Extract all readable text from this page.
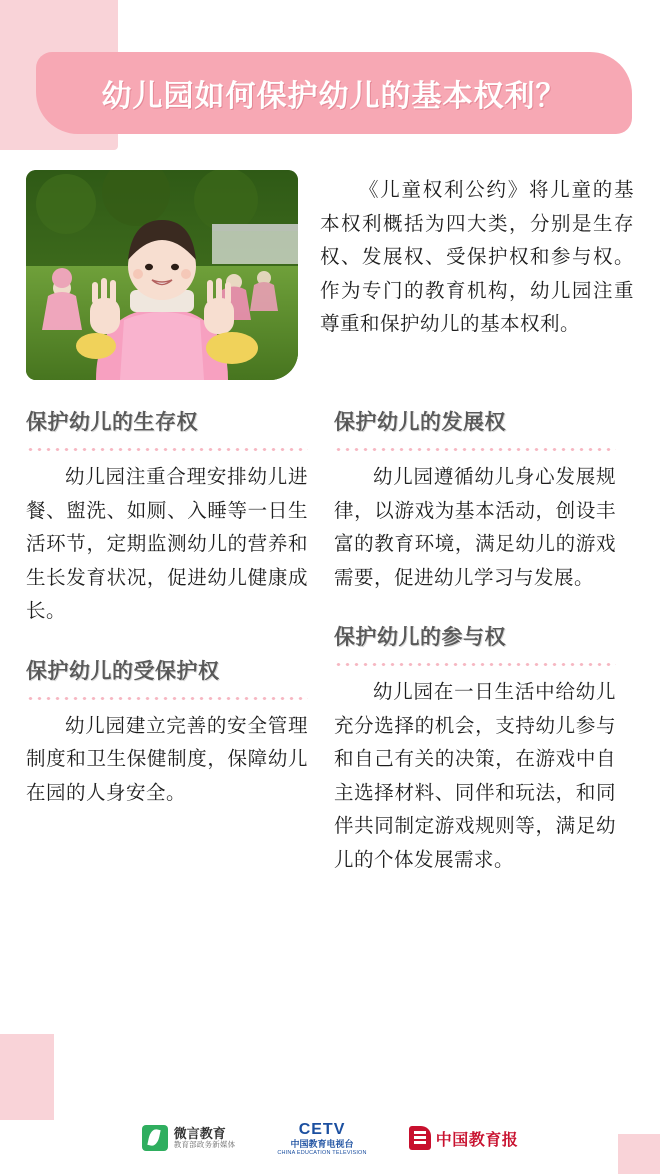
幼儿园如何保护幼儿的基本权利？
《儿童权利公约》将儿童的基本权利概括为四大类，分别是生存权、发展权、受保护权和参与权。作为专门的教育机构，幼儿园注重尊重和保护幼儿的基本权利。
保护幼儿的生存权
幼儿园注重合理安排幼儿进餐、盥洗、如厕、入睡等一日生活环节，定期监测幼儿的营养和生长发育状况，促进幼儿健康成长。
保护幼儿的受保护权
幼儿园建立完善的安全管理制度和卫生保健制度，保障幼儿在园的人身安全。
保护幼儿的发展权
幼儿园遵循幼儿身心发展规律，以游戏为基本活动，创设丰富的教育环境，满足幼儿的游戏需要，促进幼儿学习与发展。
保护幼儿的参与权
幼儿园在一日生活中给幼儿充分选择的机会，支持幼儿参与和自己有关的决策，在游戏中自主选择材料、同伴和玩法，和同伴共同制定游戏规则等，满足幼儿的个体发展需求。
微言教育
教育部政务新媒体
CETV
中国教育电视台
CHINA EDUCATION TELEVISION
中国教育报
